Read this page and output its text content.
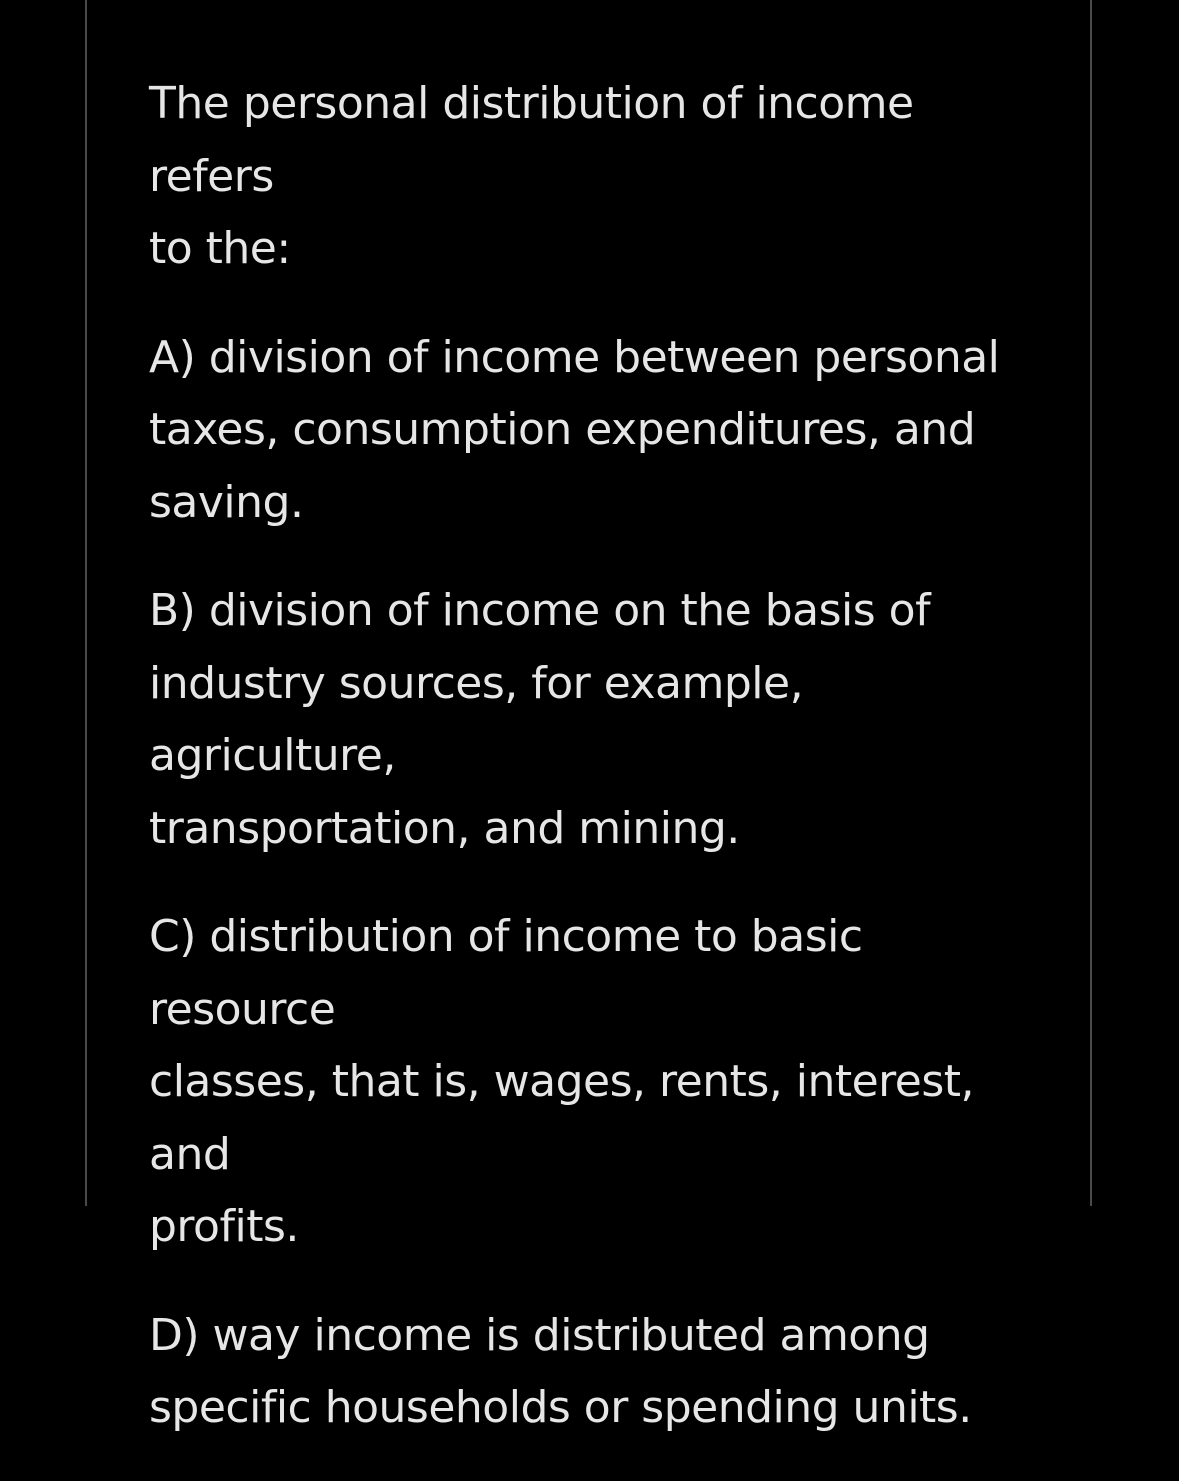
The personal distribution of income refers
to the:

A) division of income between personal
taxes, consumption expenditures, and
saving.

B) division of income on the basis of
industry sources, for example, agriculture,
transportation, and mining.

C) distribution of income to basic resource
classes, that is, wages, rents, interest, and
profits.

D) way income is distributed among
specific households or spending units.
